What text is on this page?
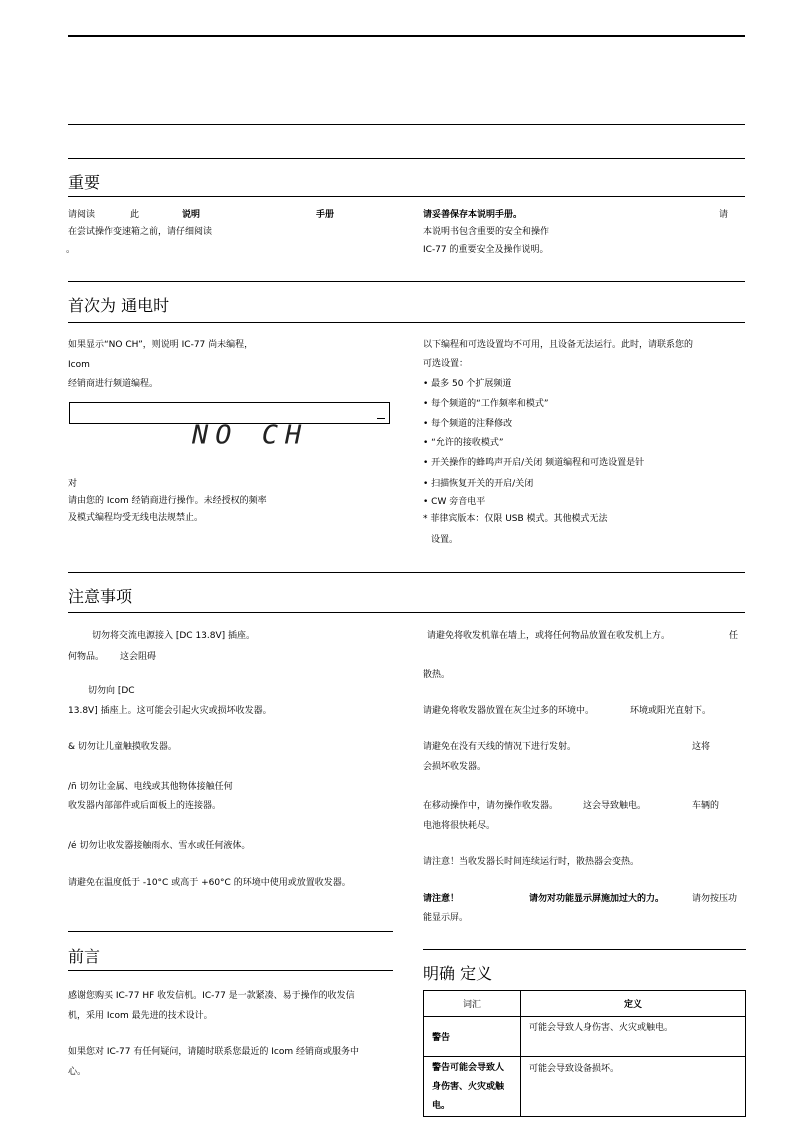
重要
请阅读	此	说明	手册
在尝试操作变速箱之前，请仔细阅读
。
请妥善保存本说明手册。	请
本说明书包含重要的安全和操作
IC-77 的重要安全及操作说明。
首次为 通电时
如果显示“NO CH”，则说明 IC-77 尚未编程，
Icom
经销商进行频道编程。
NO CH
对
请由您的 Icom 经销商进行操作。未经授权的频率
及模式编程均受无线电法规禁止。
以下编程和可选设置均不可用，且设备无法运行。此时，请联系您的
可选设置：
• 最多 50 个扩展频道
• 每个频道的“工作频率和模式”
• 每个频道的注释修改
• “允许的接收模式”
• 开关操作的蜂鸣声开启/关闭 频道编程和可选设置是针
• 扫描恢复开关的开启/关闭
• CW 旁音电平
* 菲律宾版本：仅限 USB 模式。其他模式无法
设置。
注意事项
切勿将交流电源接入 [DC 13.8V] 插座。
何物品。 这会阻碍
切勿向 [DC
13.8V] 插座上。这可能会引起火灾或损坏收发器。
& 切勿让儿童触摸收发器。
/ñ 切勿让金属、电线或其他物体接触任何
收发器内部部件或后面板上的连接器。
/é 切勿让收发器接触雨水、雪水或任何液体。
请避免在温度低于 -10°C 或高于 +60°C 的环境中使用或放置收发器。
请避免将收发机靠在墙上，或将任何物品放置在收发机上方。	任
散热。
请避免将收发器放置在灰尘过多的环境中。	环境或阳光直射下。
请避免在没有天线的情况下进行发射。	这将
会损坏收发器。
在移动操作中，请勿操作收发器。	这会导致触电。	车辆的
电池将很快耗尽。
请注意！当收发器长时间连续运行时，散热器会变热。
请注意！	请勿对功能显示屏施加过大的力。	请勿按压功
能显示屏。
前言
感谢您购买 IC-77 HF 收发信机。IC-77 是一款紧凑、易于操作的收发信
机，采用 Icom 最先进的技术设计。
如果您对 IC-77 有任何疑问，请随时联系您最近的 Icom 经销商或服务中
心。
明确 定义
词汇	定义
警告	可能会导致人身伤害、火灾或触电。

警告可能会导致人
身伤害、火灾或触
电。	可能会导致设备损坏。
